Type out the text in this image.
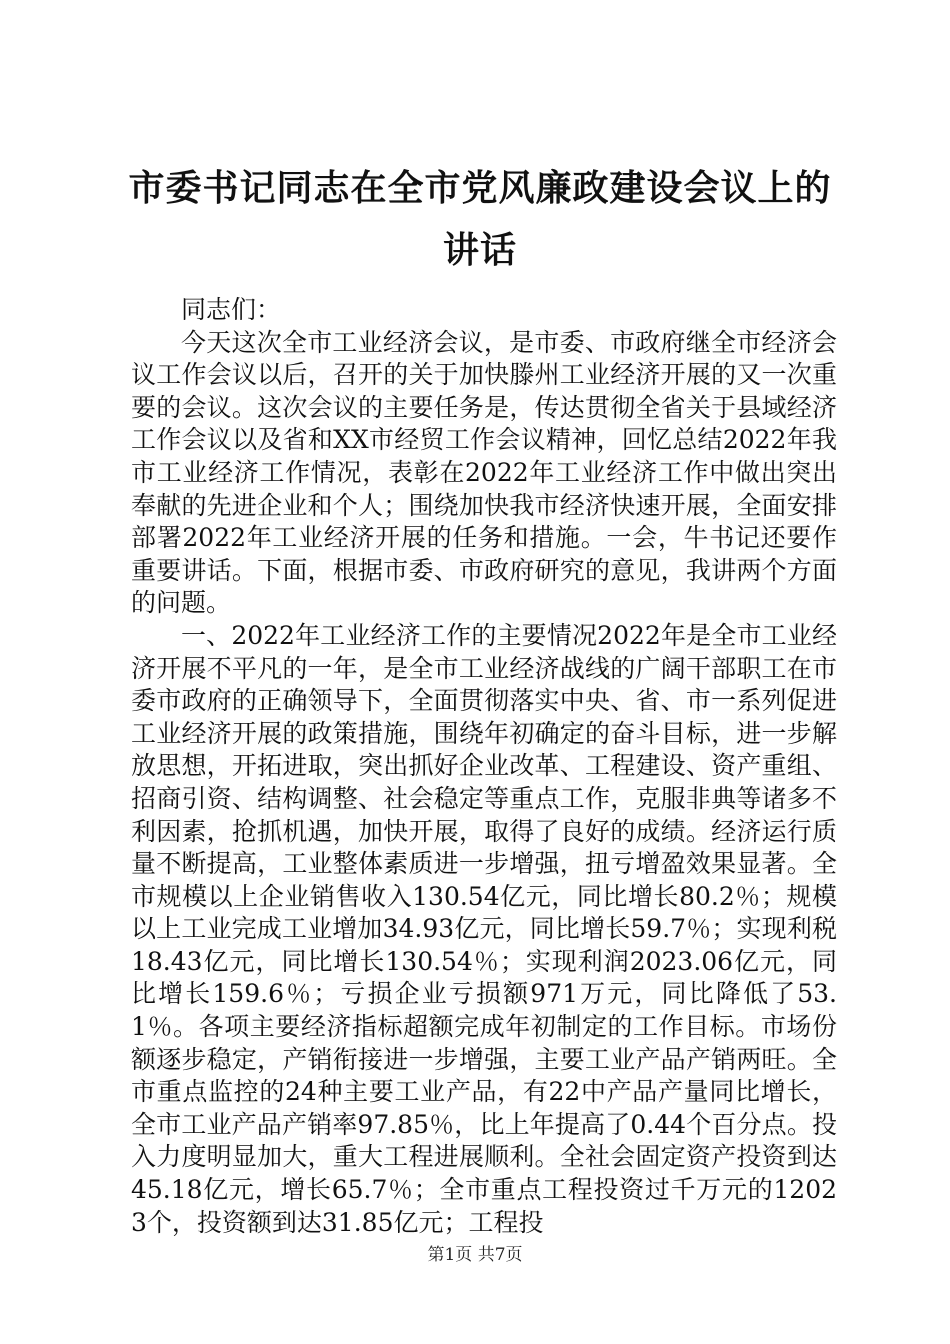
市委书记同志在全市党风廉政建设会议上的讲话

同志们：

今天这次全市工业经济会议，是市委、市政府继全市经济会议工作会议以后，召开的关于加快滕州工业经济开展的又一次重要的会议。这次会议的主要任务是，传达贯彻全省关于县域经济工作会议以及省和XX市经贸工作会议精神，回忆总结2022年我市工业经济工作情况，表彰在2022年工业经济工作中做出突出奉献的先进企业和个人；围绕加快我市经济快速开展，全面安排部署2022年工业经济开展的任务和措施。一会，牛书记还要作重要讲话。下面，根据市委、市政府研究的意见，我讲两个方面的问题。

一、2022年工业经济工作的主要情况2022年是全市工业经济开展不平凡的一年，是全市工业经济战线的广阔干部职工在市委市政府的正确领导下，全面贯彻落实中央、省、市一系列促进工业经济开展的政策措施，围绕年初确定的奋斗目标，进一步解放思想，开拓进取，突出抓好企业改革、工程建设、资产重组、招商引资、结构调整、社会稳定等重点工作，克服非典等诸多不利因素，抢抓机遇，加快开展，取得了良好的成绩。经济运行质量不断提高，工业整体素质进一步增强，扭亏增盈效果显著。全市规模以上企业销售收入130.54亿元，同比增长80.2％；规模以上工业完成工业增加34.93亿元，同比增长59.7％；实现利税18.43亿元，同比增长130.54％；实现利润2023.06亿元，同比增长159.6％；亏损企业亏损额971万元，同比降低了53.1％。各项主要经济指标超额完成年初制定的工作目标。市场份额逐步稳定，产销衔接进一步增强，主要工业产品产销两旺。全市重点监控的24种主要工业产品，有22中产品产量同比增长，全市工业产品产销率97.85％，比上年提高了0.44个百分点。投入力度明显加大，重大工程进展顺利。全社会固定资产投资到达45.18亿元，增长65.7％；全市重点工程投资过千万元的12023个，投资额到达31.85亿元；工程投

第1页 共7页
